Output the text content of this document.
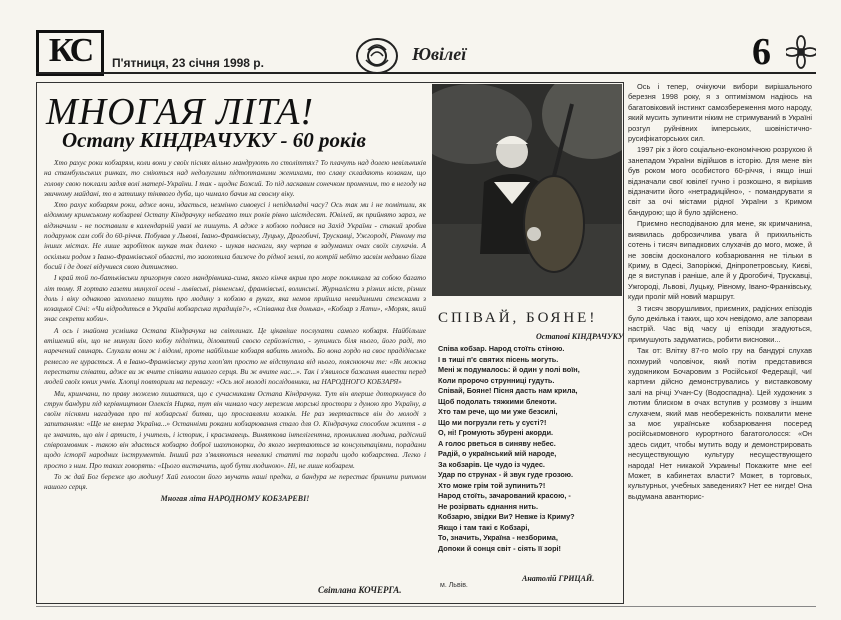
КС	П'ятниця, 23 січня 1998 р.	Ювілеї	6
МНОГАЯ ЛІТА!
Остапу КІНДРАЧУКУ - 60 років

Хто рахує роки кобзарям, коли вони у своїх піснях вільно мандрують по століттях? То плачуть над долею невільників на стамбульських ринках, то сміються над недолугими підтоптаними женихами, то славу складають козакам, що голову свою поклали задля волі матері-України. І так - щоднє Божий. То під ласкавим сонечком променим, то в негоду на звичному майдані, то в затишку тінявого дуба, що чимало бачив на своєму віку.

Хто рахує кобзарям роки, адже вони, здається, незмінно сивовусі і непідвладні часу? Ось так ми і не помітили, як відомому кримському кобзареві Остапу Кіндрачуку небагато тих років рівно шістдесят. Ювілей, як прийнято зараз, не відзначили - не поставили в календарній увазі не пишуть. А адже з кобзою подався на Захід України - стакий зробив подарунок сам собі до 60-річчя. Побував у Львові, Івано-Франківську, Луцьку, Дрогобичі, Трускавці, Ужгороді, Рівному та інших містах. Не лише заробіток шукав так далеко - шукав наснаги, яку черпав в задуманих очах своїх слухачів. А оскільки родом з Івано-Франківської області, то заохотила ближче до рідної землі, по котрій небіто засвім недавно бігав босий і де довгі відучився свою дитинство.

І край той по-батьківськи пригорнув свого мандрівника-сина, якого кінчя вкрив про море покликала за собою багато літ тому. Я гортаю газети минулої осені - львівські, рівненські, франківські, волинські. Журналісти з різних міст, різних доль і віку однаково захоплено пишуть про людину з кобзою в руках, яка немов прийшла невидимими стежками з козацької Січі: «Чи відродиться в Україні кобзарська традиція?», «Співанка для донька», «Кобзар з Ялти», «Моряк, який знає секрети кобзи».

А ось і знайома усмішка Остапа Кіндрачука на світлинах. Це цікавіше послухати самого кобзаря. Найбільше втішений він, що не минули його кобзу підлітки, діловитий своєю серйозністю, - зупинись біля нього, його раді, то наречений свинарь. Слухали вони ж і відомі, проте найбільше кобзаря вабить молодь. Бо вона гордо на своє прадідівське ремесло не цурається. А в Івано-Франківську група хлоп'ят просто не відступала від нього, пояснюючи те: «Як можна перестати співати, адже ви ж вчите співати нашого серця. Ви ж вчите нас...». Так і з'явилося бажання вивести перед людей своїх юних учнів. Хлопці повторили на перевагу: «Ось мої молоді послідовники, на НАРОДНОГО КОБЗАРЯ»

Ми, кримчани, по праву можемо пишатися, що є сучасниками Остапа Кіндрачука. Тут він вперше доторкнувся до струн бандури під керівництвом Олексія Нирка, тут він чимало часу мережив морські простори з думою про Україну, а своїм піснями нагадував про ті кобзарські битви, що прославляли козаків. Не раз звертається він до молоді з запитанням: «Ще не вмерла Україна...» Останніми роками кобзарювання стало для О. Кіндрачука способом життя - а це значить, що він і артист, і учитель, і історик, і краєзнавець. Виняткова інтелігентна, прониклива людина, радісний співрозмовник - такою він здається кобзарю доброї шахтоморки, до якого звертаються за консультаціями, порадами щодо історії народних інструментів. Інший раз з'являються невеликі статті та поради щодо кобзарства. Легко і просто з ним. Про таких говорять: «Цього вистачить, щоб бути людиною». Ні, не лише кобзарем.

То ж дай Бог береже цю людину! Хай голосом його звучать наші предки, а бандура не перестає бринити ритмом нашого серця.

Многая літа НАРОДНОМУ КОБЗАРЕВІ!

Світлана КОЧЕРГА.
СПІВАЙ, БОЯНЕ!
Остапові КІНДРАЧУКУ
Співа кобзар. Народ стоїть стіною.
І в тиші п'є святих пісень могуть.
Мені ж подумалось: й один у полі воїн,
Коли пророчо струнниці гудуть.
Співай, Бояне! Пісня дасть нам крила,
Щоб подолать тяжкими блекоти.
Хто там рече, що ми уже безсилі,
Що ми погрузли геть у сусті?!
О, ні! Громують збурені акорди.
А голос рветься в синяву небес.
Радій, о український мій народе,
За кобзарів. Це чудо із чудес.
Удар по струнах - й звук гуде грозою.
Хто може грім той зупинить?!
Народ стоїть, зачарований красою, -
Не розірвать єднання нить.
Кобзарю, звідки Ви? Невже із Криму?
Якщо і там такі є Кобзарі,
То, значить, Україна - незборима,
Допоки й сонця світ - сіять її зорі!
Анатолій ГРИЦАЙ.
м. Львів.

Ось і тепер, очікуючи вибори вирішального березня 1998 року, я з оптимізмом надіюсь на багатовіковий інстинкт самозбереження мого народу, який мусить зупинити ніким не стримуваний в Україні розгул руйнівних імперських, шовіністично-русифікаторських сил.

1997 рік з його соціально-економічною розрухою й занепадом України відійшов в історію. Для мене він був роком мого особистого 60-річчя, і якщо інші відзначали свої ювілеї гучно і розкошно, я вирішив відзначити його «нетрадиційно», - помандрувати я світ за очі містами рідної України з Кримом бандурою; що й було здійснено.

Приємно несподіваною для мене, як кримчанина, виявилась доброзичлива увага й прихильність сотень і тисяч випадкових слухачів до мого, може, й не зовсім досконалого кобзарювання не тільки в Криму, в Одесі, Запоріжжі, Дніпропетровську, Києві, де я виступав і раніше, але й у Дрогобичі, Трускавці, Ужгороді, Львові, Луцьку, Рівному, Івано-Франківську, куди проліг мій новий маршрут.

З тисяч зворушливих, приємних, радісних епізодів було декілька і таких, що хоч невідомо, але запорваи настрій. Час від часу ці епізоди згадуються, примушують задуматись, робити висновки...

Так от: Влітку 87-го моїо гру на бандурі слухав похмурий чоловічок, який потім представився художником Бочаровим з Російської Федерації, чиї картини дійсно демонструвались у виставковому залі на річці Учан-Су (Водоспадна). Цей художник з лютим блиском в очах вступив у розмову з іншим слухачем, який мав необережність похвалити мене за моє українське кобзарювання посеред російськомовного курортного багатоголосся: «Он здесь сидит, чтобы мутить воду и демонстрировать несуществующую культуру несуществующего народа! Нет никакой Украины! Покажите мне ее! Может, в кабинетах власти? Может, в торговых, культурных, учебных заведениях? Нет ее нигде! Она выдумана авантюрис-
